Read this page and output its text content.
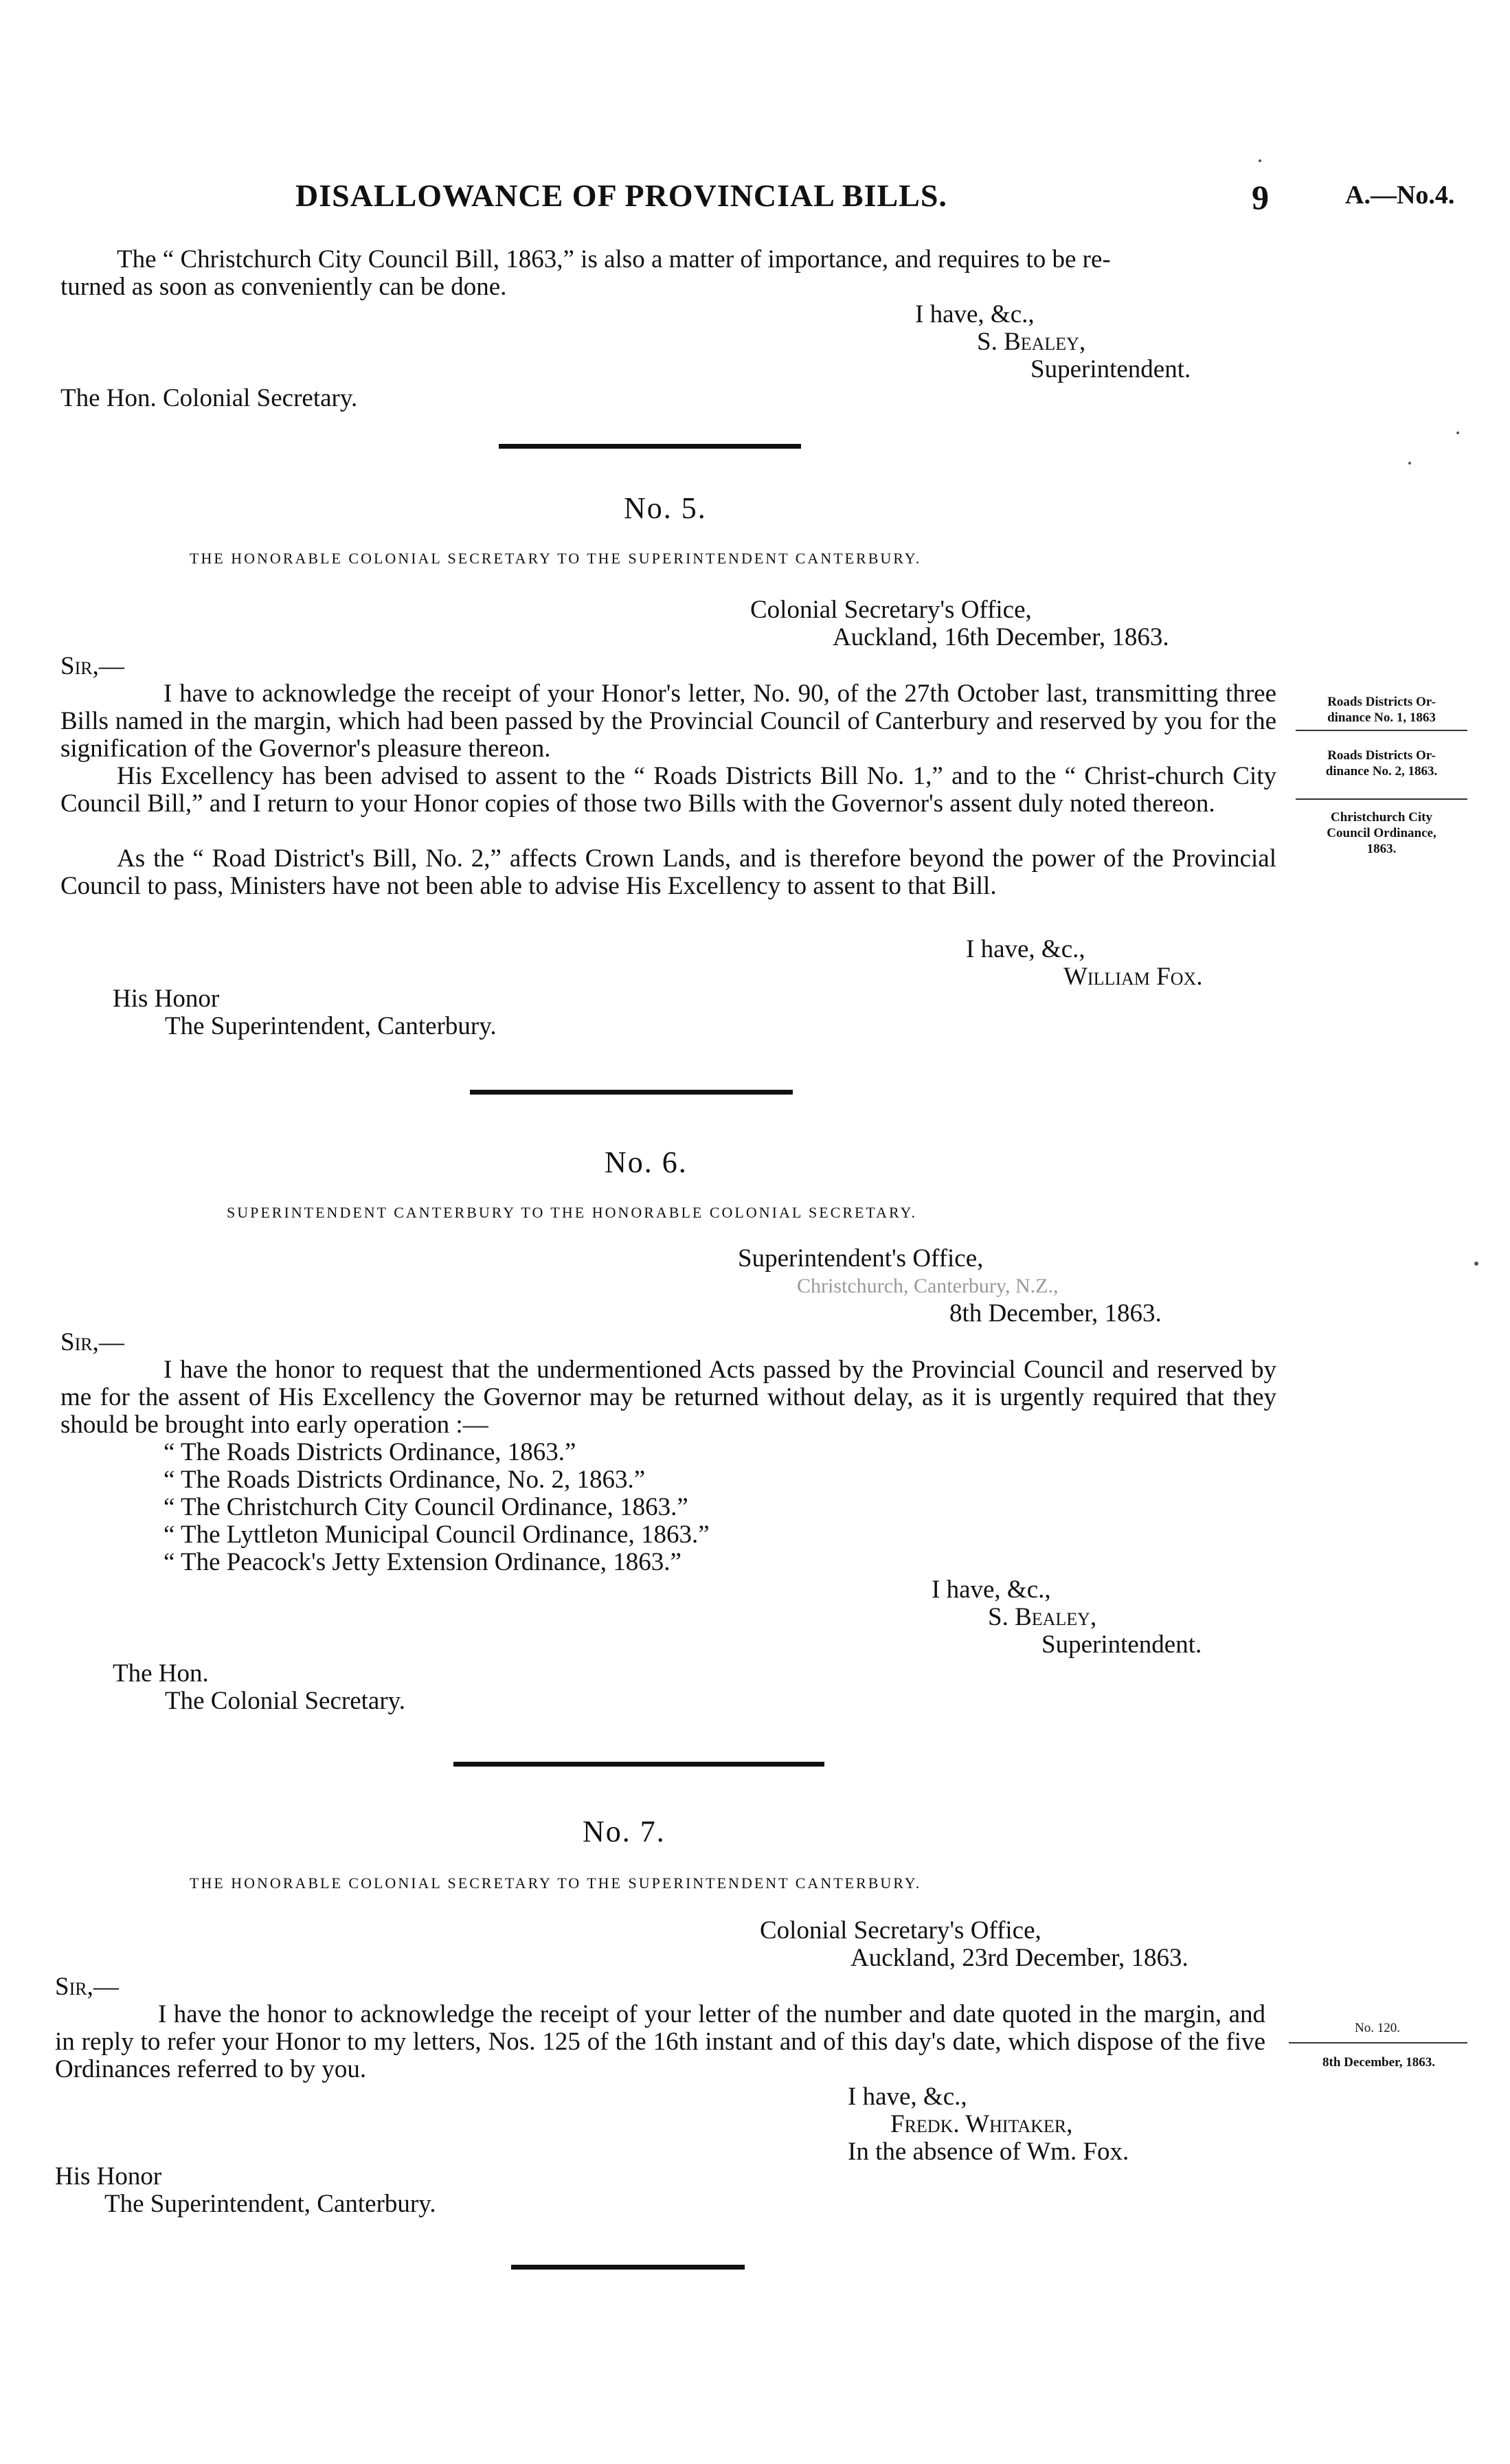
DISALLOWANCE OF PROVINCIAL BILLS.	9	A.—No.4.
The “ Christchurch City Council Bill, 1863,” is also a matter of importance, and requires to be re-
turned as soon as conveniently can be done.
I have, &c.,
S. Bealey,
Superintendent.
The Hon. Colonial Secretary.
No. 5.
THE HONORABLE COLONIAL SECRETARY TO THE SUPERINTENDENT CANTERBURY.
Colonial Secretary's Office,
Auckland, 16th December, 1863.
Sir,—
I have to acknowledge the receipt of your Honor's letter, No. 90, of the 27th October last, transmitting three Bills named in the margin, which had been passed by the Provincial Council of Canterbury and reserved by you for the signification of the Governor's pleasure thereon.
His Excellency has been advised to assent to the “ Roads Districts Bill No. 1,” and to the “ Christ-church City Council Bill,” and I return to your Honor copies of those two Bills with the Governor's assent duly noted thereon.
As the “ Road District's Bill, No. 2,” affects Crown Lands, and is therefore beyond the power of the Provincial Council to pass, Ministers have not been able to advise His Excellency to assent to that Bill.
I have, &c.,
William Fox.
His Honor
The Superintendent, Canterbury.
Roads Districts Or-
dinance No. 1, 1863
Roads Districts Or-
dinance No. 2, 1863.
Christchurch City
Council Ordinance,
1863.
No. 6.
SUPERINTENDENT CANTERBURY TO THE HONORABLE COLONIAL SECRETARY.
Superintendent's Office,
Christchurch, Canterbury, N.Z.,
8th December, 1863.
Sir,—
I have the honor to request that the undermentioned Acts passed by the Provincial Council and reserved by me for the assent of His Excellency the Governor may be returned without delay, as it is urgently required that they should be brought into early operation :—
“ The Roads Districts Ordinance, 1863.”
“ The Roads Districts Ordinance, No. 2, 1863.”
“ The Christchurch City Council Ordinance, 1863.”
“ The Lyttleton Municipal Council Ordinance, 1863.”
“ The Peacock's Jetty Extension Ordinance, 1863.”
I have, &c.,
S. Bealey,
Superintendent.
The Hon.
The Colonial Secretary.
No. 7.
THE HONORABLE COLONIAL SECRETARY TO THE SUPERINTENDENT CANTERBURY.
Colonial Secretary's Office,
Auckland, 23rd December, 1863.
Sir,—
I have the honor to acknowledge the receipt of your letter of the number and date quoted in the margin, and in reply to refer your Honor to my letters, Nos. 125 of the 16th instant and of this day's date, which dispose of the five Ordinances referred to by you.
I have, &c.,
Fredk. Whitaker,
In the absence of Wm. Fox.
His Honor
The Superintendent, Canterbury.
No. 120.
8th December, 1863.
